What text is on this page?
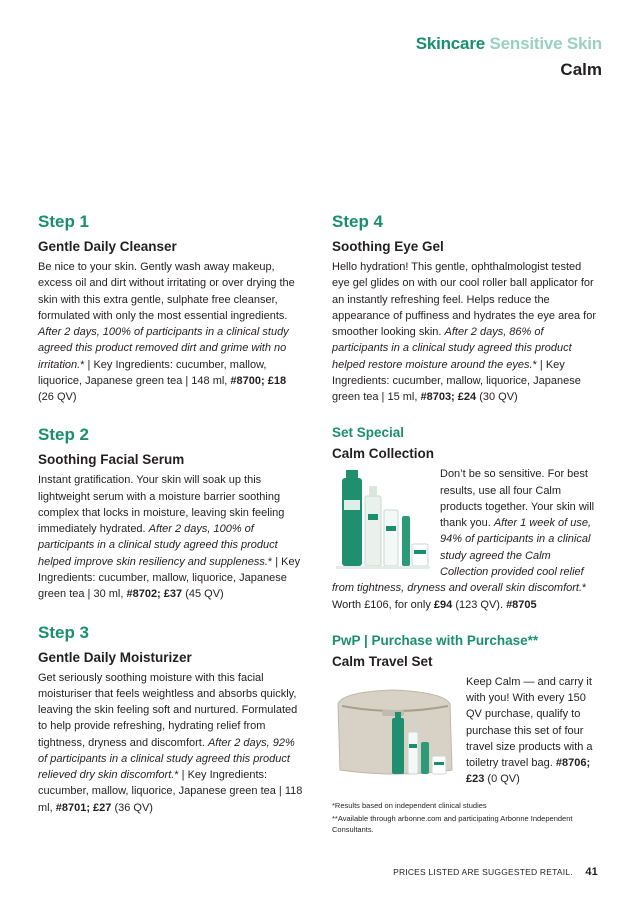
Skincare Sensitive Skin
Calm
Step 1
Gentle Daily Cleanser

Be nice to your skin. Gently wash away makeup, excess oil and dirt without irritating or over drying the skin with this extra gentle, sulphate free cleanser, formulated with only the most essential ingredients. After 2 days, 100% of participants in a clinical study agreed this product removed dirt and grime with no irritation.* | Key Ingredients: cucumber, mallow, liquorice, Japanese green tea | 148 ml, #8700; £18 (26 QV)

Step 2
Soothing Facial Serum

Instant gratification. Your skin will soak up this lightweight serum with a moisture barrier soothing complex that locks in moisture, leaving skin feeling immediately hydrated. After 2 days, 100% of participants in a clinical study agreed this product helped improve skin resiliency and suppleness.* | Key Ingredients: cucumber, mallow, liquorice, Japanese green tea | 30 ml, #8702; £37 (45 QV)

Step 3
Gentle Daily Moisturizer

Get seriously soothing moisture with this facial moisturiser that feels weightless and absorbs quickly, leaving the skin feeling soft and nurtured. Formulated to help provide refreshing, hydrating relief from tightness, dryness and discomfort. After 2 days, 92% of participants in a clinical study agreed this product relieved dry skin discomfort.* | Key Ingredients: cucumber, mallow, liquorice, Japanese green tea | 118 ml, #8701; £27 (36 QV)

Step 4
Soothing Eye Gel

Hello hydration! This gentle, ophthalmologist tested eye gel glides on with our cool roller ball applicator for an instantly refreshing feel. Helps reduce the appearance of puffiness and hydrates the eye area for smoother looking skin. After 2 days, 86% of participants in a clinical study agreed this product helped restore moisture around the eyes.* | Key Ingredients: cucumber, mallow, liquorice, Japanese green tea | 15 ml, #8703; £24 (30 QV)

Set Special
Calm Collection

Don’t be so sensitive. For best results, use all four Calm products together. Your skin will thank you. After 1 week of use, 94% of participants in a clinical study agreed the Calm Collection provided cool relief from tightness, dryness and overall skin discomfort.* Worth £106, for only £94 (123 QV). #8705

PwP | Purchase with Purchase**
Calm Travel Set

Keep Calm — and carry it with you! With every 150 QV purchase, qualify to purchase this set of four travel size products with a toiletry travel bag. #8706; £23 (0 QV)

*Results based on independent clinical studies

**Available through arbonne.com and participating Arbonne Independent Consultants.

PRICES LISTED ARE SUGGESTED RETAIL. 41
